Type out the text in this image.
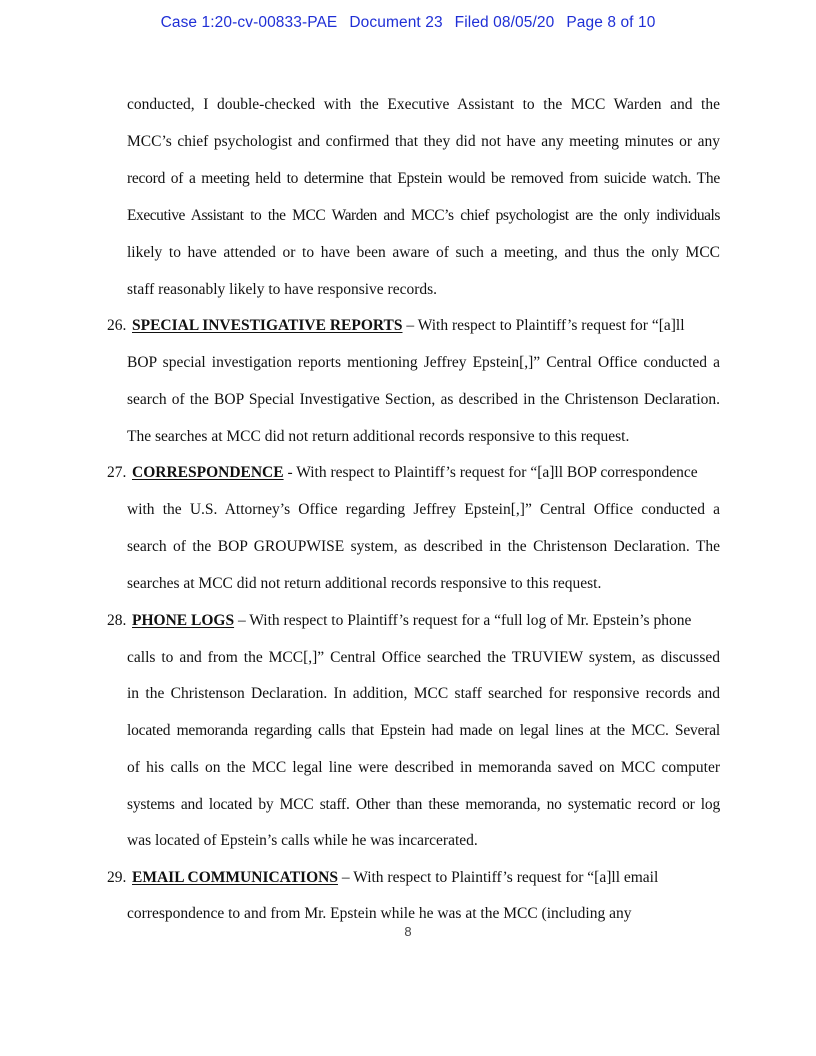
Case 1:20-cv-00833-PAE Document 23 Filed 08/05/20 Page 8 of 10
conducted, I double-checked with the Executive Assistant to the MCC Warden and the
MCC’s chief psychologist and confirmed that they did not have any meeting minutes or any
record of a meeting held to determine that Epstein would be removed from suicide watch. The
Executive Assistant to the MCC Warden and MCC’s chief psychologist are the only individuals
likely to have attended or to have been aware of such a meeting, and thus the only MCC
staff reasonably likely to have responsive records.
26. SPECIAL INVESTIGATIVE REPORTS – With respect to Plaintiff’s request for “[a]ll
BOP special investigation reports mentioning Jeffrey Epstein[,]” Central Office conducted a
search of the BOP Special Investigative Section, as described in the Christenson Declaration.
The searches at MCC did not return additional records responsive to this request.
27. CORRESPONDENCE - With respect to Plaintiff’s request for “[a]ll BOP correspondence
with the U.S. Attorney’s Office regarding Jeffrey Epstein[,]” Central Office conducted a
search of the BOP GROUPWISE system, as described in the Christenson Declaration. The
searches at MCC did not return additional records responsive to this request.
28. PHONE LOGS – With respect to Plaintiff’s request for a “full log of Mr. Epstein’s phone
calls to and from the MCC[,]” Central Office searched the TRUVIEW system, as discussed
in the Christenson Declaration. In addition, MCC staff searched for responsive records and
located memoranda regarding calls that Epstein had made on legal lines at the MCC. Several
of his calls on the MCC legal line were described in memoranda saved on MCC computer
systems and located by MCC staff. Other than these memoranda, no systematic record or log
was located of Epstein’s calls while he was incarcerated.
29. EMAIL COMMUNICATIONS – With respect to Plaintiff’s request for “[a]ll email
correspondence to and from Mr. Epstein while he was at the MCC (including any
8
